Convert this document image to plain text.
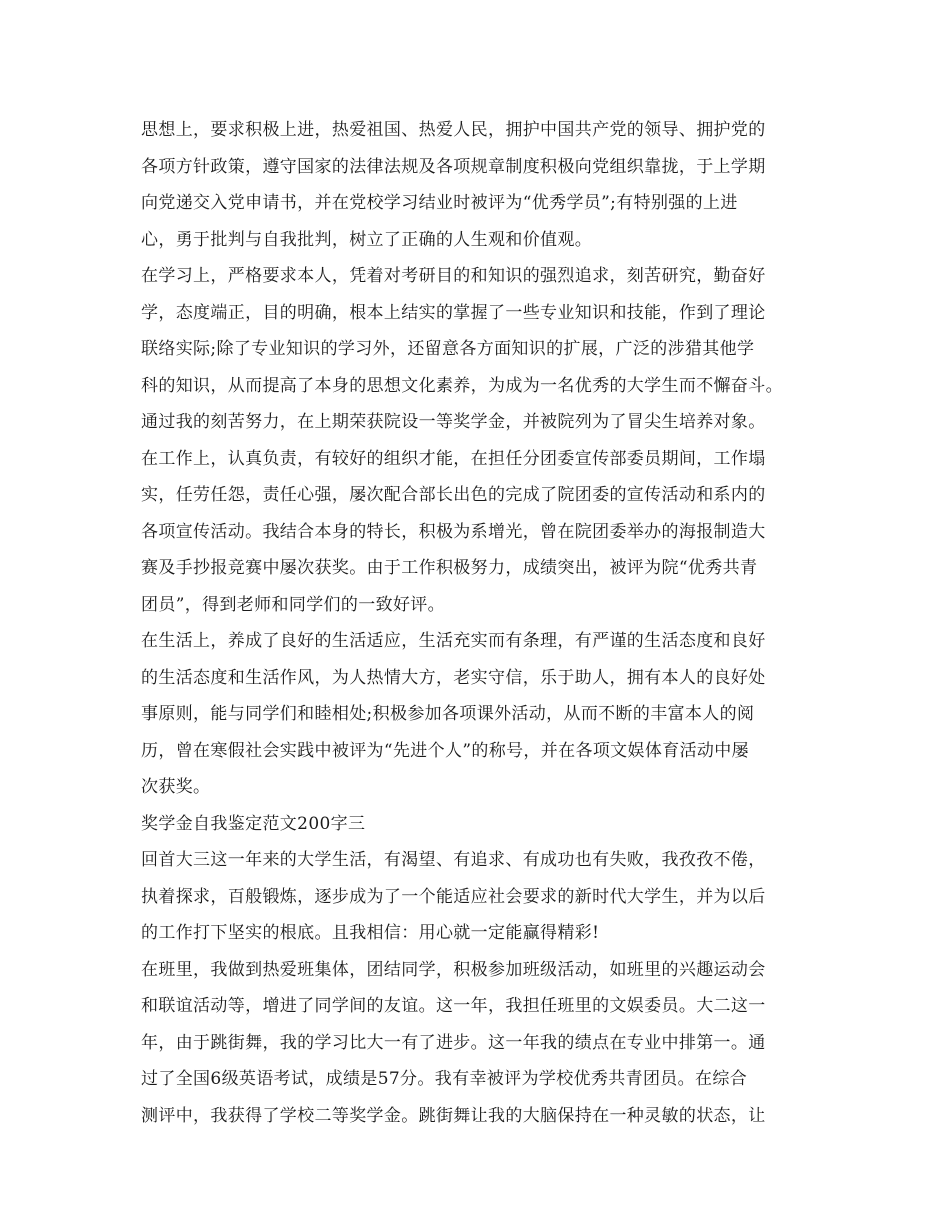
思想上，要求积极上进，热爱祖国、热爱人民，拥护中国共产党的领导、拥护党的
各项方针政策，遵守国家的法律法规及各项规章制度积极向党组织靠拢，于上学期
向党递交入党申请书，并在党校学习结业时被评为“优秀学员”;有特别强的上进
心，勇于批判与自我批判，树立了正确的人生观和价值观。
在学习上，严格要求本人，凭着对考研目的和知识的强烈追求，刻苦研究，勤奋好
学，态度端正，目的明确，根本上结实的掌握了一些专业知识和技能，作到了理论
联络实际;除了专业知识的学习外，还留意各方面知识的扩展，广泛的涉猎其他学
科的知识，从而提高了本身的思想文化素养，为成为一名优秀的大学生而不懈奋斗。
通过我的刻苦努力，在上期荣获院设一等奖学金，并被院列为了冒尖生培养对象。
在工作上，认真负责，有较好的组织才能，在担任分团委宣传部委员期间，工作塌
实，任劳任怨，责任心强，屡次配合部长出色的完成了院团委的宣传活动和系内的
各项宣传活动。我结合本身的特长，积极为系增光，曾在院团委举办的海报制造大
赛及手抄报竞赛中屡次获奖。由于工作积极努力，成绩突出，被评为院“优秀共青
团员”，得到老师和同学们的一致好评。
在生活上，养成了良好的生活适应，生活充实而有条理，有严谨的生活态度和良好
的生活态度和生活作风，为人热情大方，老实守信，乐于助人，拥有本人的良好处
事原则，能与同学们和睦相处;积极参加各项课外活动，从而不断的丰富本人的阅
历，曾在寒假社会实践中被评为“先进个人”的称号，并在各项文娱体育活动中屡
次获奖。
奖学金自我鉴定范文200字三
回首大三这一年来的大学生活，有渴望、有追求、有成功也有失败，我孜孜不倦，
执着探求，百般锻炼，逐步成为了一个能适应社会要求的新时代大学生，并为以后
的工作打下坚实的根底。且我相信：用心就一定能赢得精彩!
在班里，我做到热爱班集体，团结同学，积极参加班级活动，如班里的兴趣运动会
和联谊活动等，增进了同学间的友谊。这一年，我担任班里的文娱委员。大二这一
年，由于跳街舞，我的学习比大一有了进步。这一年我的绩点在专业中排第一。通
过了全国6级英语考试，成绩是57分。我有幸被评为学校优秀共青团员。在综合
测评中，我获得了学校二等奖学金。跳街舞让我的大脑保持在一种灵敏的状态，让
